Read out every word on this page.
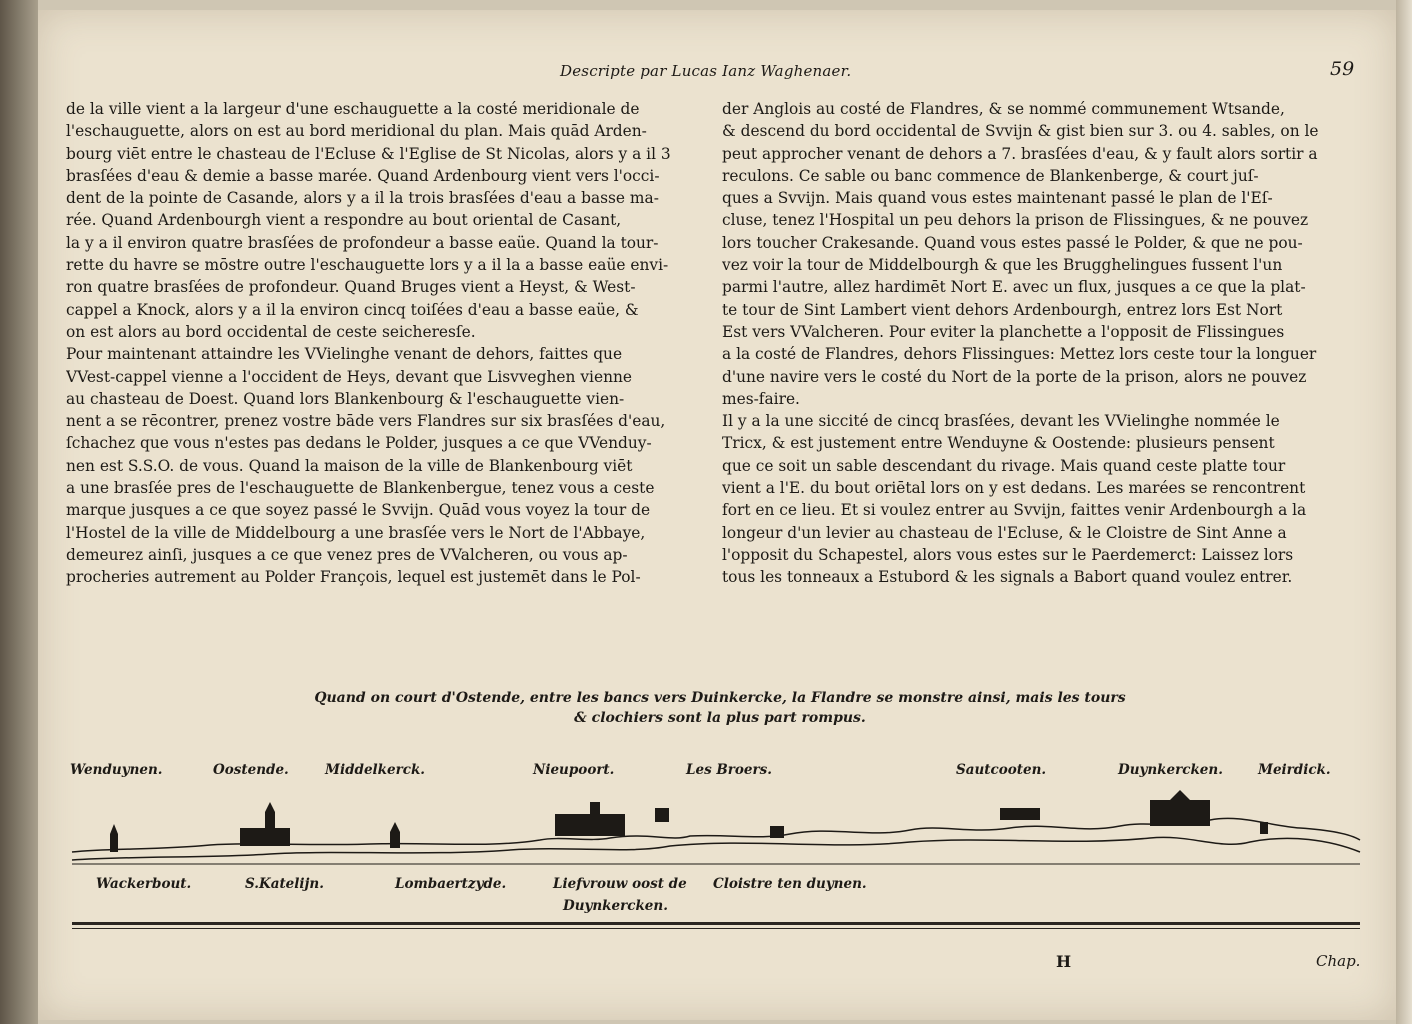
Descripte par Lucas Ianz Waghenaer.	59
de la ville vient a la largeur d'une eschauguette a la costé meridionale de
l'eschauguette, alors on est au bord meridional du plan. Mais quād Arden-
bourg viēt entre le chasteau de l'Ecluse & l'Eglise de St Nicolas, alors y a il 3
brasſées d'eau & demie a basse marée. Quand Ardenbourg vient vers l'occi-
dent de la pointe de Casande, alors y a il la trois brasſées d'eau a basse ma-
rée. Quand Ardenbourgh vient a respondre au bout oriental de Casant,
la y a il environ quatre brasſées de profondeur a basse eaüe. Quand la tour-
rette du havre se mōstre outre l'eschauguette lors y a il la a basse eaüe envi-
ron quatre brasſées de profondeur. Quand Bruges vient a Heyst, & West-
cappel a Knock, alors y a il la environ cincq toiſées d'eau a basse eaüe, &
on est alors au bord occidental de ceste seicheresſe.
Pour maintenant attaindre les VVielinghe venant de dehors, faittes que
VVest-cappel vienne a l'occident de Heys, devant que Lisvveghen vienne
au chasteau de Doest. Quand lors Blankenbourg & l'eschauguette vien-
nent a se rēcontrer, prenez vostre bāde vers Flandres sur six brasſées d'eau,
ſchachez que vous n'estes pas dedans le Polder, jusques a ce que VVenduy-
nen est S.S.O. de vous. Quand la maison de la ville de Blankenbourg viēt
a une brasſée pres de l'eschauguette de Blankenbergue, tenez vous a ceste
marque jusques a ce que soyez passé le Svvijn. Quād vous voyez la tour de
l'Hostel de la ville de Middelbourg a une brasſée vers le Nort de l'Abbaye,
demeurez ainſi, jusques a ce que venez pres de VValcheren, ou vous ap-
procheries autrement au Polder François, lequel est justemēt dans le Pol-
der Anglois au costé de Flandres, & se nommé communement Wtsande,
& descend du bord occidental de Svvijn & gist bien sur 3. ou 4. sables, on le
peut approcher venant de dehors a 7. brasſées d'eau, & y fault alors sortir a
reculons. Ce sable ou banc commence de Blankenberge, & court juſ-
ques a Svvijn. Mais quand vous estes maintenant passé le plan de l'Eſ-
cluse, tenez l'Hospital un peu dehors la prison de Flissingues, & ne pouvez
lors toucher Crakesande. Quand vous estes passé le Polder, & que ne pou-
vez voir la tour de Middelbourgh & que les Brugghelingues fussent l'un
parmi l'autre, allez hardimēt Nort E. avec un flux, jusques a ce que la plat-
te tour de Sint Lambert vient dehors Ardenbourgh, entrez lors Est Nort
Est vers VValcheren. Pour eviter la planchette a l'opposit de Flissingues
a la costé de Flandres, dehors Flissingues: Mettez lors ceste tour la longuer
d'une navire vers le costé du Nort de la porte de la prison, alors ne pouvez
mes-faire.
Il y a la une siccité de cincq brasſées, devant les VVielinghe nommée le
Tricx, & est justement entre Wenduyne & Oostende: plusieurs pensent
que ce soit un sable descendant du rivage. Mais quand ceste platte tour
vient a l'E. du bout oriētal lors on y est dedans. Les marées se rencontrent
fort en ce lieu. Et si voulez entrer au Svvijn, faittes venir Ardenbourgh a la
longeur d'un levier au chasteau de l'Ecluse, & le Cloistre de Sint Anne a
l'opposit du Schapestel, alors vous estes sur le Paerdemerct: Laissez lors
tous les tonneaux a Estubord & les signals a Babort quand voulez entrer.
Quand on court d'Ostende, entre les bancs vers Duinkercke, la Flandre se monstre ainsi, mais les tours
& clochiers sont la plus part rompus.
Wenduynen.	Oostende.	Middelkerck.	Nieupoort.	Les Broers.	Sautcooten.	Duynkercken.	Meirdick.
Wackerbout.	S.Katelijn.	Lombaertzyde.	Liefvrouw oost de
Duynkercken.
Cloistre ten duynen.
H	Chap.
